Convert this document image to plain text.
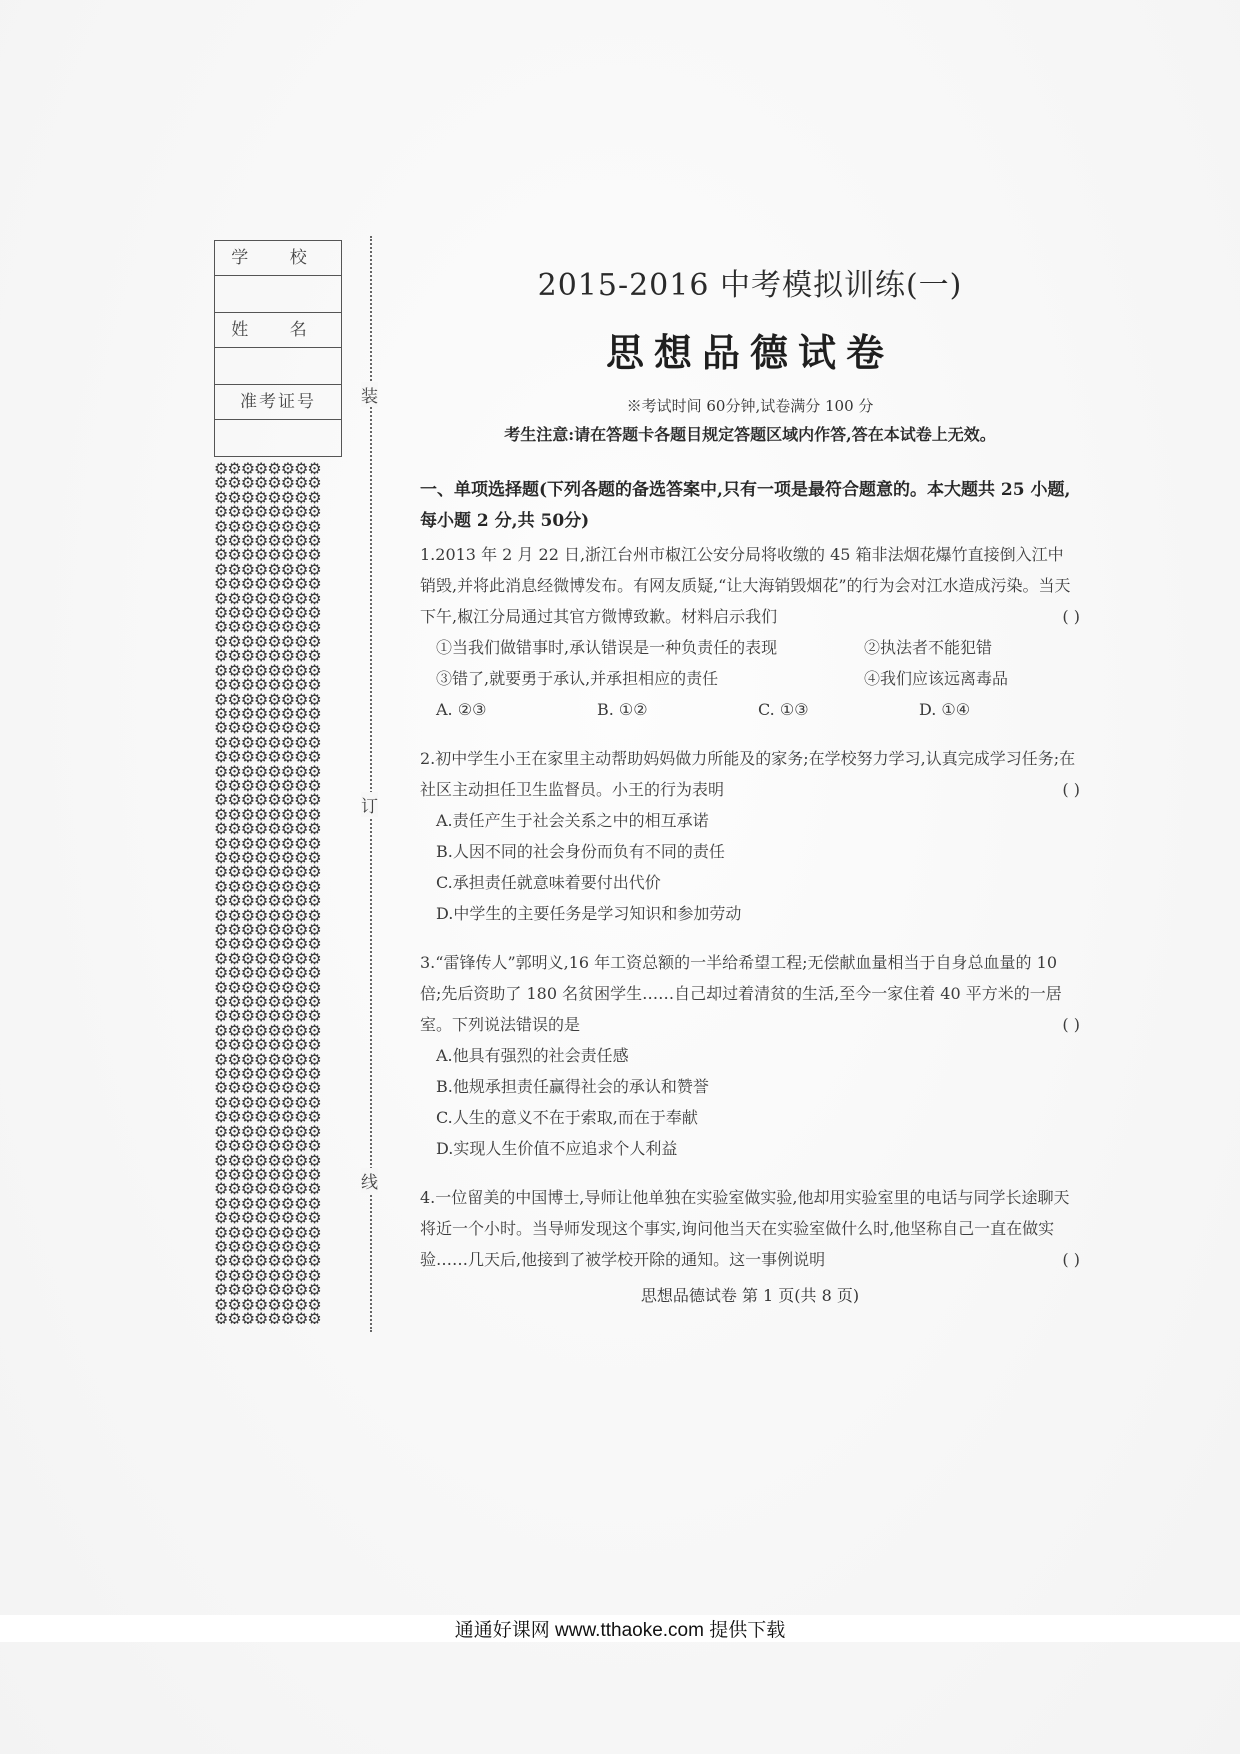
学 校
姓 名
准考证号
⚙⚙⚙⚙⚙⚙⚙⚙
⚙⚙⚙⚙⚙⚙⚙⚙
⚙⚙⚙⚙⚙⚙⚙⚙
⚙⚙⚙⚙⚙⚙⚙⚙
⚙⚙⚙⚙⚙⚙⚙⚙
⚙⚙⚙⚙⚙⚙⚙⚙
⚙⚙⚙⚙⚙⚙⚙⚙
⚙⚙⚙⚙⚙⚙⚙⚙
⚙⚙⚙⚙⚙⚙⚙⚙
⚙⚙⚙⚙⚙⚙⚙⚙
⚙⚙⚙⚙⚙⚙⚙⚙
⚙⚙⚙⚙⚙⚙⚙⚙
⚙⚙⚙⚙⚙⚙⚙⚙
⚙⚙⚙⚙⚙⚙⚙⚙
⚙⚙⚙⚙⚙⚙⚙⚙
⚙⚙⚙⚙⚙⚙⚙⚙
⚙⚙⚙⚙⚙⚙⚙⚙
⚙⚙⚙⚙⚙⚙⚙⚙
⚙⚙⚙⚙⚙⚙⚙⚙
⚙⚙⚙⚙⚙⚙⚙⚙
⚙⚙⚙⚙⚙⚙⚙⚙
⚙⚙⚙⚙⚙⚙⚙⚙
⚙⚙⚙⚙⚙⚙⚙⚙
⚙⚙⚙⚙⚙⚙⚙⚙
⚙⚙⚙⚙⚙⚙⚙⚙
⚙⚙⚙⚙⚙⚙⚙⚙
⚙⚙⚙⚙⚙⚙⚙⚙
⚙⚙⚙⚙⚙⚙⚙⚙
⚙⚙⚙⚙⚙⚙⚙⚙
⚙⚙⚙⚙⚙⚙⚙⚙
⚙⚙⚙⚙⚙⚙⚙⚙
⚙⚙⚙⚙⚙⚙⚙⚙
⚙⚙⚙⚙⚙⚙⚙⚙
⚙⚙⚙⚙⚙⚙⚙⚙
⚙⚙⚙⚙⚙⚙⚙⚙
⚙⚙⚙⚙⚙⚙⚙⚙
⚙⚙⚙⚙⚙⚙⚙⚙
⚙⚙⚙⚙⚙⚙⚙⚙
⚙⚙⚙⚙⚙⚙⚙⚙
⚙⚙⚙⚙⚙⚙⚙⚙
⚙⚙⚙⚙⚙⚙⚙⚙
⚙⚙⚙⚙⚙⚙⚙⚙
⚙⚙⚙⚙⚙⚙⚙⚙
⚙⚙⚙⚙⚙⚙⚙⚙
⚙⚙⚙⚙⚙⚙⚙⚙
⚙⚙⚙⚙⚙⚙⚙⚙
⚙⚙⚙⚙⚙⚙⚙⚙
⚙⚙⚙⚙⚙⚙⚙⚙
⚙⚙⚙⚙⚙⚙⚙⚙
⚙⚙⚙⚙⚙⚙⚙⚙
⚙⚙⚙⚙⚙⚙⚙⚙
⚙⚙⚙⚙⚙⚙⚙⚙
⚙⚙⚙⚙⚙⚙⚙⚙
⚙⚙⚙⚙⚙⚙⚙⚙
⚙⚙⚙⚙⚙⚙⚙⚙
⚙⚙⚙⚙⚙⚙⚙⚙
⚙⚙⚙⚙⚙⚙⚙⚙
⚙⚙⚙⚙⚙⚙⚙⚙
⚙⚙⚙⚙⚙⚙⚙⚙
⚙⚙⚙⚙⚙⚙⚙⚙
装
订
线
2015-2016 中考模拟训练(一)
思想品德试卷

※考试时间 60分钟,试卷满分 100 分

考生注意:请在答题卡各题目规定答题区域内作答,答在本试卷上无效。

一、单项选择题(下列各题的备选答案中,只有一项是最符合题意的。本大题共 25 小题,每小题 2 分,共 50分)

1.2013 年 2 月 22 日,浙江台州市椒江公安分局将收缴的 45 箱非法烟花爆竹直接倒入江中销毁,并将此消息经微博发布。有网友质疑,“让大海销毁烟花”的行为会对江水造成污染。当天下午,椒江分局通过其官方微博致歉。材料启示我们	( )

①当我们做错事时,承认错误是一种负责任的表现	②执法者不能犯错
③错了,就要勇于承认,并承担相应的责任	④我们应该远离毒品
A. ②③	B. ①②	C. ①③	D. ①④

2.初中学生小王在家里主动帮助妈妈做力所能及的家务;在学校努力学习,认真完成学习任务;在社区主动担任卫生监督员。小王的行为表明	( )

A.责任产生于社会关系之中的相互承诺
B.人因不同的社会身份而负有不同的责任
C.承担责任就意味着要付出代价
D.中学生的主要任务是学习知识和参加劳动

3.“雷锋传人”郭明义,16 年工资总额的一半给希望工程;无偿献血量相当于自身总血量的 10 倍;先后资助了 180 名贫困学生……自己却过着清贫的生活,至今一家住着 40 平方米的一居室。下列说法错误的是	( )

A.他具有强烈的社会责任感
B.他规承担责任赢得社会的承认和赞誉
C.人生的意义不在于索取,而在于奉献
D.实现人生价值不应追求个人利益

4.一位留美的中国博士,导师让他单独在实验室做实验,他却用实验室里的电话与同学长途聊天将近一个小时。当导师发现这个事实,询问他当天在实验室做什么时,他坚称自己一直在做实验……几天后,他接到了被学校开除的通知。这一事例说明	( )

思想品德试卷 第 1 页(共 8 页)

通通好课网 www.tthaoke.com 提供下载
